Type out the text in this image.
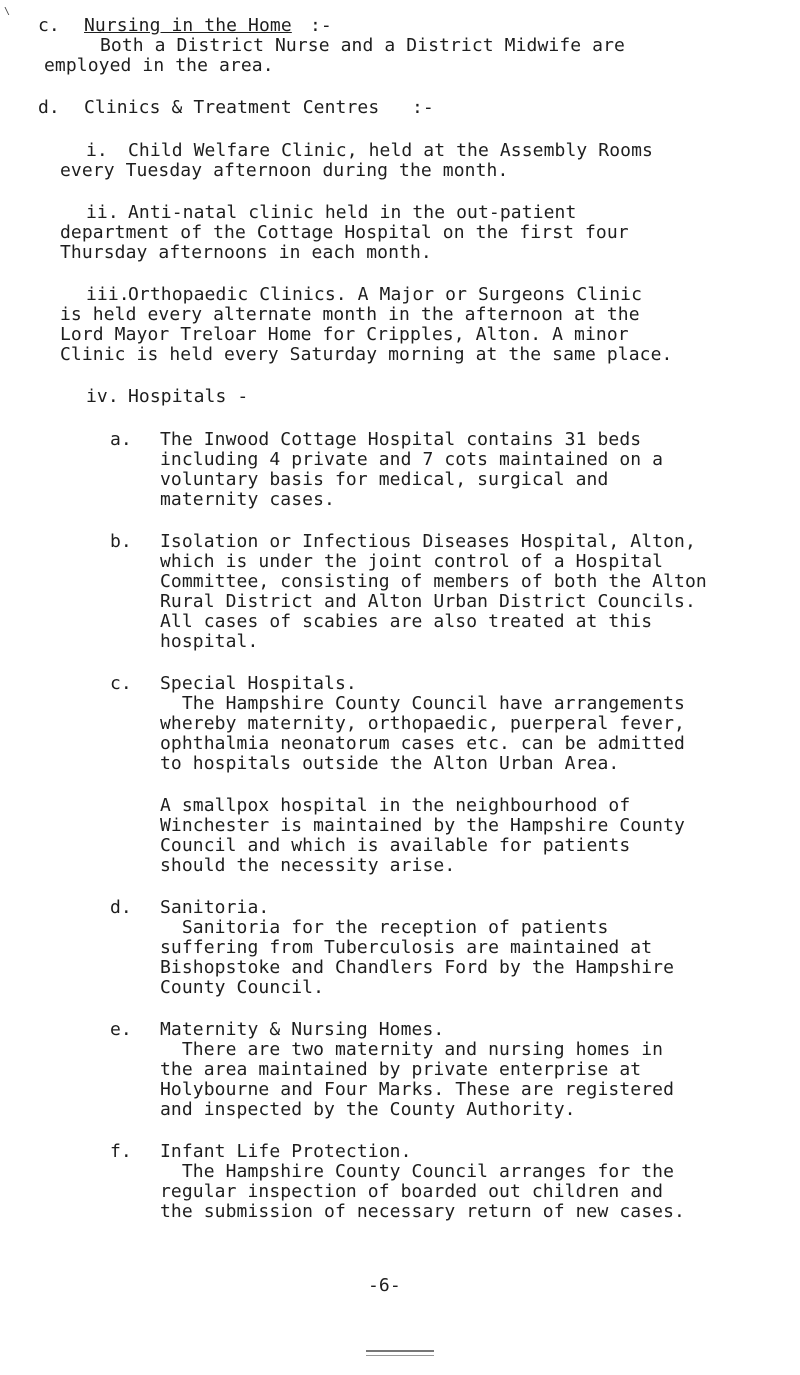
\
c. Nursing in the Home :-
Both a District Nurse and a District Midwife are
employed in the area.
d. Clinics & Treatment Centres :-
i. Child Welfare Clinic, held at the Assembly Rooms
every Tuesday afternoon during the month.
ii. Anti-natal clinic held in the out-patient
department of the Cottage Hospital on the first four
Thursday afternoons in each month.
iii.
Orthopaedic Clinics. A Major or Surgeons Clinic
is held every alternate month in the afternoon at the
Lord Mayor Treloar Home for Cripples, Alton. A minor
Clinic is held every Saturday morning at the same place.
iv. Hospitals -
a. The Inwood Cottage Hospital contains 31 beds
including 4 private and 7 cots maintained on a
voluntary basis for medical, surgical and
maternity cases.
b. Isolation or Infectious Diseases Hospital, Alton,
which is under the joint control of a Hospital
Committee, consisting of members of both the Alton
Rural District and Alton Urban District Councils.
All cases of scabies are also treated at this
hospital.
c. Special Hospitals.
The Hampshire County Council have arrangements
whereby maternity, orthopaedic, puerperal fever,
ophthalmia neonatorum cases etc. can be admitted
to hospitals outside the Alton Urban Area.
A smallpox hospital in the neighbourhood of
Winchester is maintained by the Hampshire County
Council and which is available for patients
should the necessity arise.
d. Sanitoria.
Sanitoria for the reception of patients
suffering from Tuberculosis are maintained at
Bishopstoke and Chandlers Ford by the Hampshire
County Council.
e. Maternity & Nursing Homes.
There are two maternity and nursing homes in
the area maintained by private enterprise at
Holybourne and Four Marks. These are registered
and inspected by the County Authority.
f. Infant Life Protection.
The Hampshire County Council arranges for the
regular inspection of boarded out children and
the submission of necessary return of new cases.
-6-
